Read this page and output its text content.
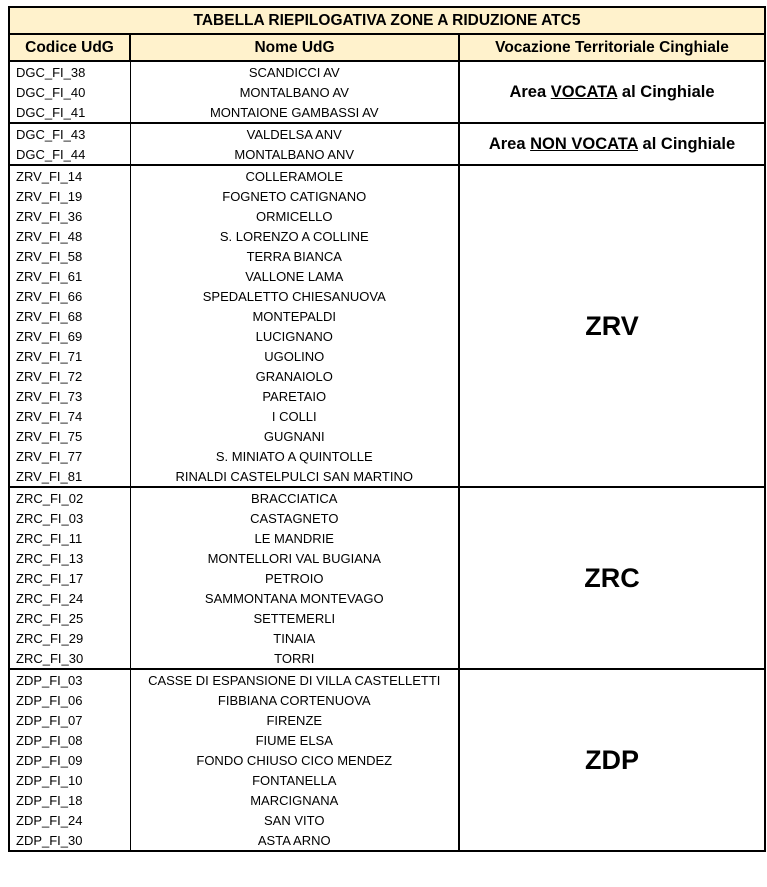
TABELLA RIEPILOGATIVA ZONE A RIDUZIONE ATC5		
Codice UdG	Nome UdG	Vocazione Territoriale Cinghiale
DGC_FI_38	SCANDICCI AV	Area VOCATA al Cinghiale
DGC_FI_40	MONTALBANO AV	
DGC_FI_41	MONTAIONE GAMBASSI AV	
DGC_FI_43	VALDELSA ANV	Area NON VOCATA al Cinghiale
DGC_FI_44	MONTALBANO ANV	
ZRV_FI_14	COLLERAMOLE	ZRV
ZRV_FI_19	FOGNETO CATIGNANO	
ZRV_FI_36	ORMICELLO	
ZRV_FI_48	S. LORENZO A COLLINE	
ZRV_FI_58	TERRA BIANCA	
ZRV_FI_61	VALLONE LAMA	
ZRV_FI_66	SPEDALETTO CHIESANUOVA	
ZRV_FI_68	MONTEPALDI	
ZRV_FI_69	LUCIGNANO	
ZRV_FI_71	UGOLINO	
ZRV_FI_72	GRANAIOLO	
ZRV_FI_73	PARETAIO	
ZRV_FI_74	I COLLI	
ZRV_FI_75	GUGNANI	
ZRV_FI_77	S. MINIATO A QUINTOLLE	
ZRV_FI_81	RINALDI CASTELPULCI SAN MARTINO	
ZRC_FI_02	BRACCIATICA	ZRC
ZRC_FI_03	CASTAGNETO	
ZRC_FI_11	LE MANDRIE	
ZRC_FI_13	MONTELLORI VAL BUGIANA	
ZRC_FI_17	PETROIO	
ZRC_FI_24	SAMMONTANA MONTEVAGO	
ZRC_FI_25	SETTEMERLI	
ZRC_FI_29	TINAIA	
ZRC_FI_30	TORRI	
ZDP_FI_03	CASSE DI ESPANSIONE DI VILLA CASTELLETTI	ZDP
ZDP_FI_06	FIBBIANA CORTENUOVA	
ZDP_FI_07	FIRENZE	
ZDP_FI_08	FIUME ELSA	
ZDP_FI_09	FONDO CHIUSO CICO MENDEZ	
ZDP_FI_10	FONTANELLA	
ZDP_FI_18	MARCIGNANA	
ZDP_FI_24	SAN VITO	
ZDP_FI_30	ASTA ARNO	
